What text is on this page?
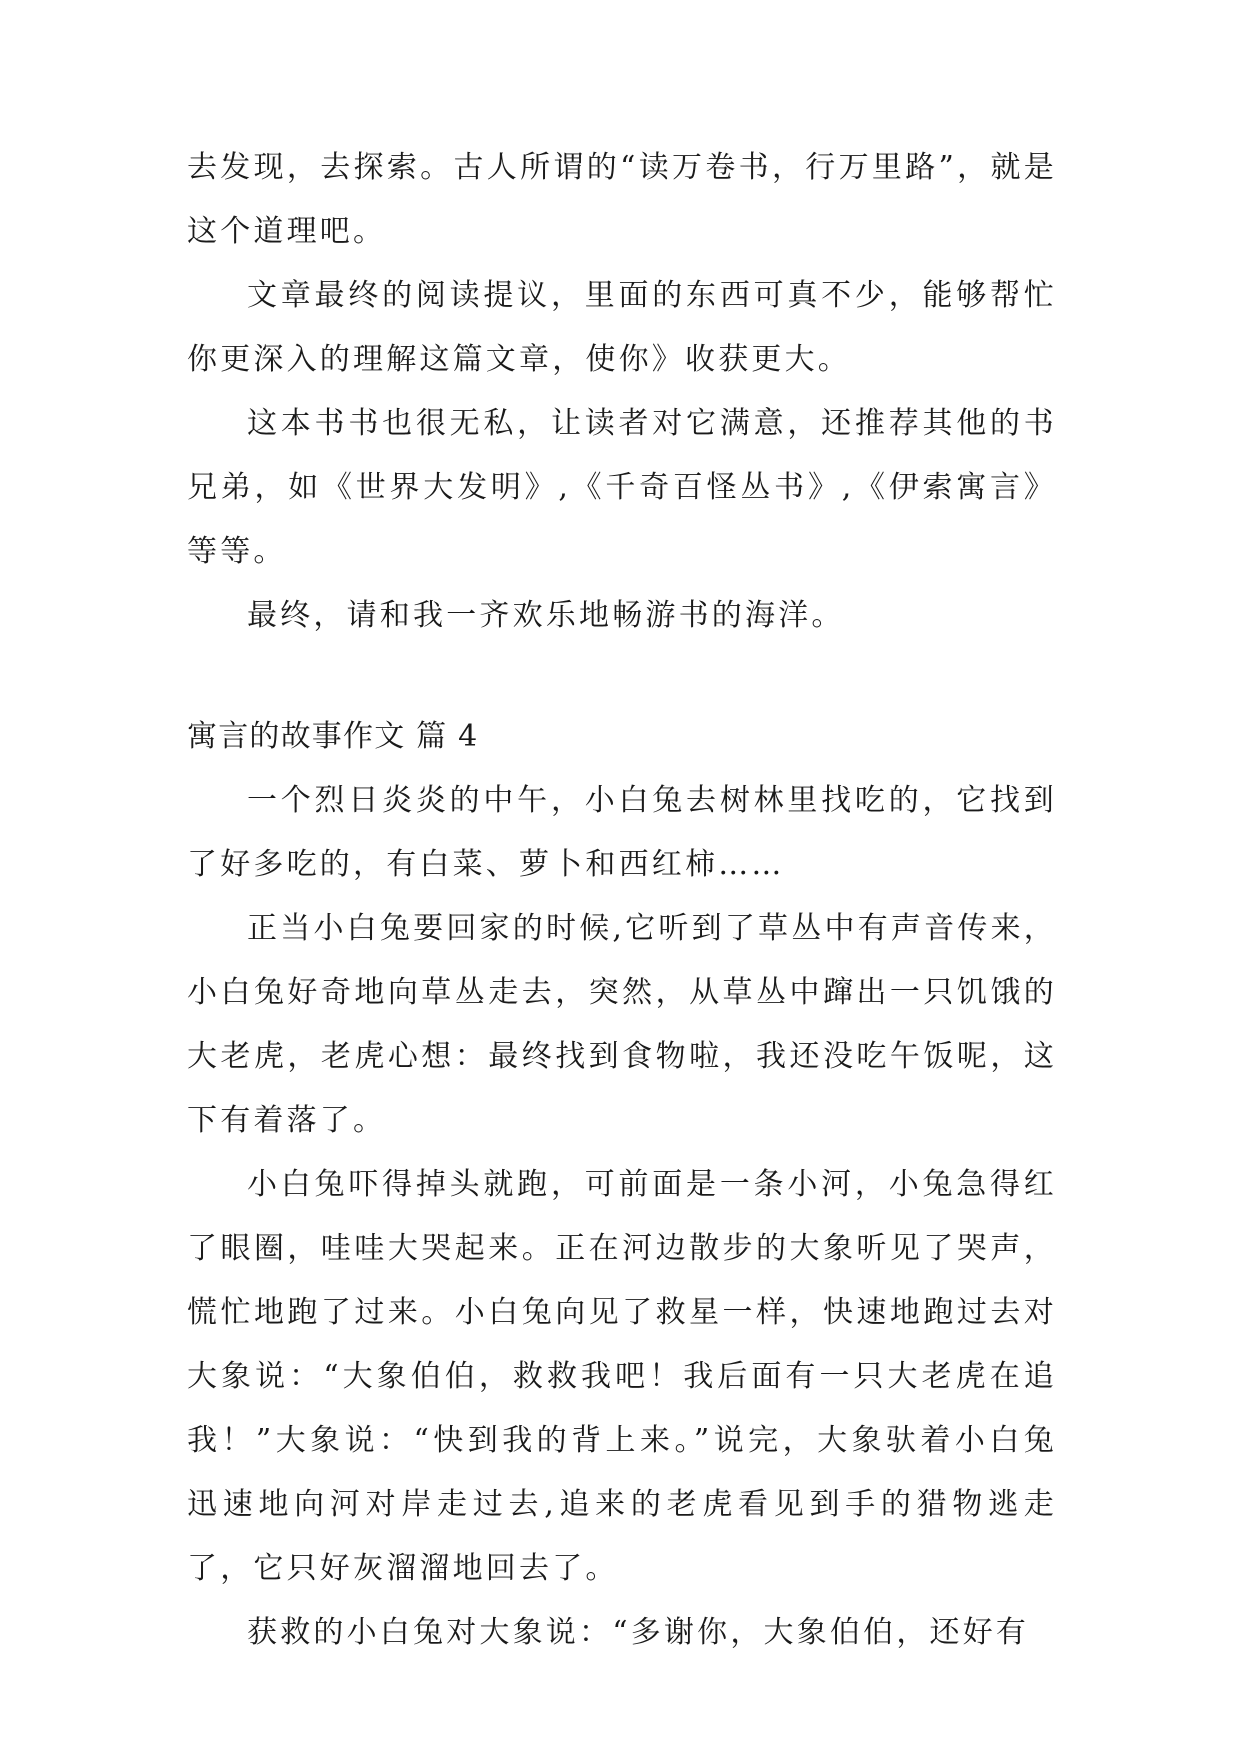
去发现，去探索。古人所谓的“读万卷书，行万里路”，就是这个道理吧。

文章最终的阅读提议，里面的东西可真不少，能够帮忙你更深入的理解这篇文章，使你》收获更大。

这本书书也很无私，让读者对它满意，还推荐其他的书兄弟，如《世界大发明》,《千奇百怪丛书》,《伊索寓言》等等。

最终，请和我一齐欢乐地畅游书的海洋。

寓言的故事作文 篇 4

一个烈日炎炎的中午，小白兔去树林里找吃的，它找到了好多吃的，有白菜、萝卜和西红柿……

正当小白兔要回家的时候,它听到了草丛中有声音传来，小白兔好奇地向草丛走去，突然，从草丛中蹿出一只饥饿的大老虎，老虎心想：最终找到食物啦，我还没吃午饭呢，这下有着落了。

小白兔吓得掉头就跑，可前面是一条小河，小兔急得红了眼圈，哇哇大哭起来。正在河边散步的大象听见了哭声，慌忙地跑了过来。小白兔向见了救星一样，快速地跑过去对大象说：“大象伯伯，救救我吧！我后面有一只大老虎在追我！”大象说：“快到我的背上来。”说完，大象驮着小白兔迅速地向河对岸走过去,追来的老虎看见到手的猎物逃走了，它只好灰溜溜地回去了。

获救的小白兔对大象说：“多谢你，大象伯伯，还好有
